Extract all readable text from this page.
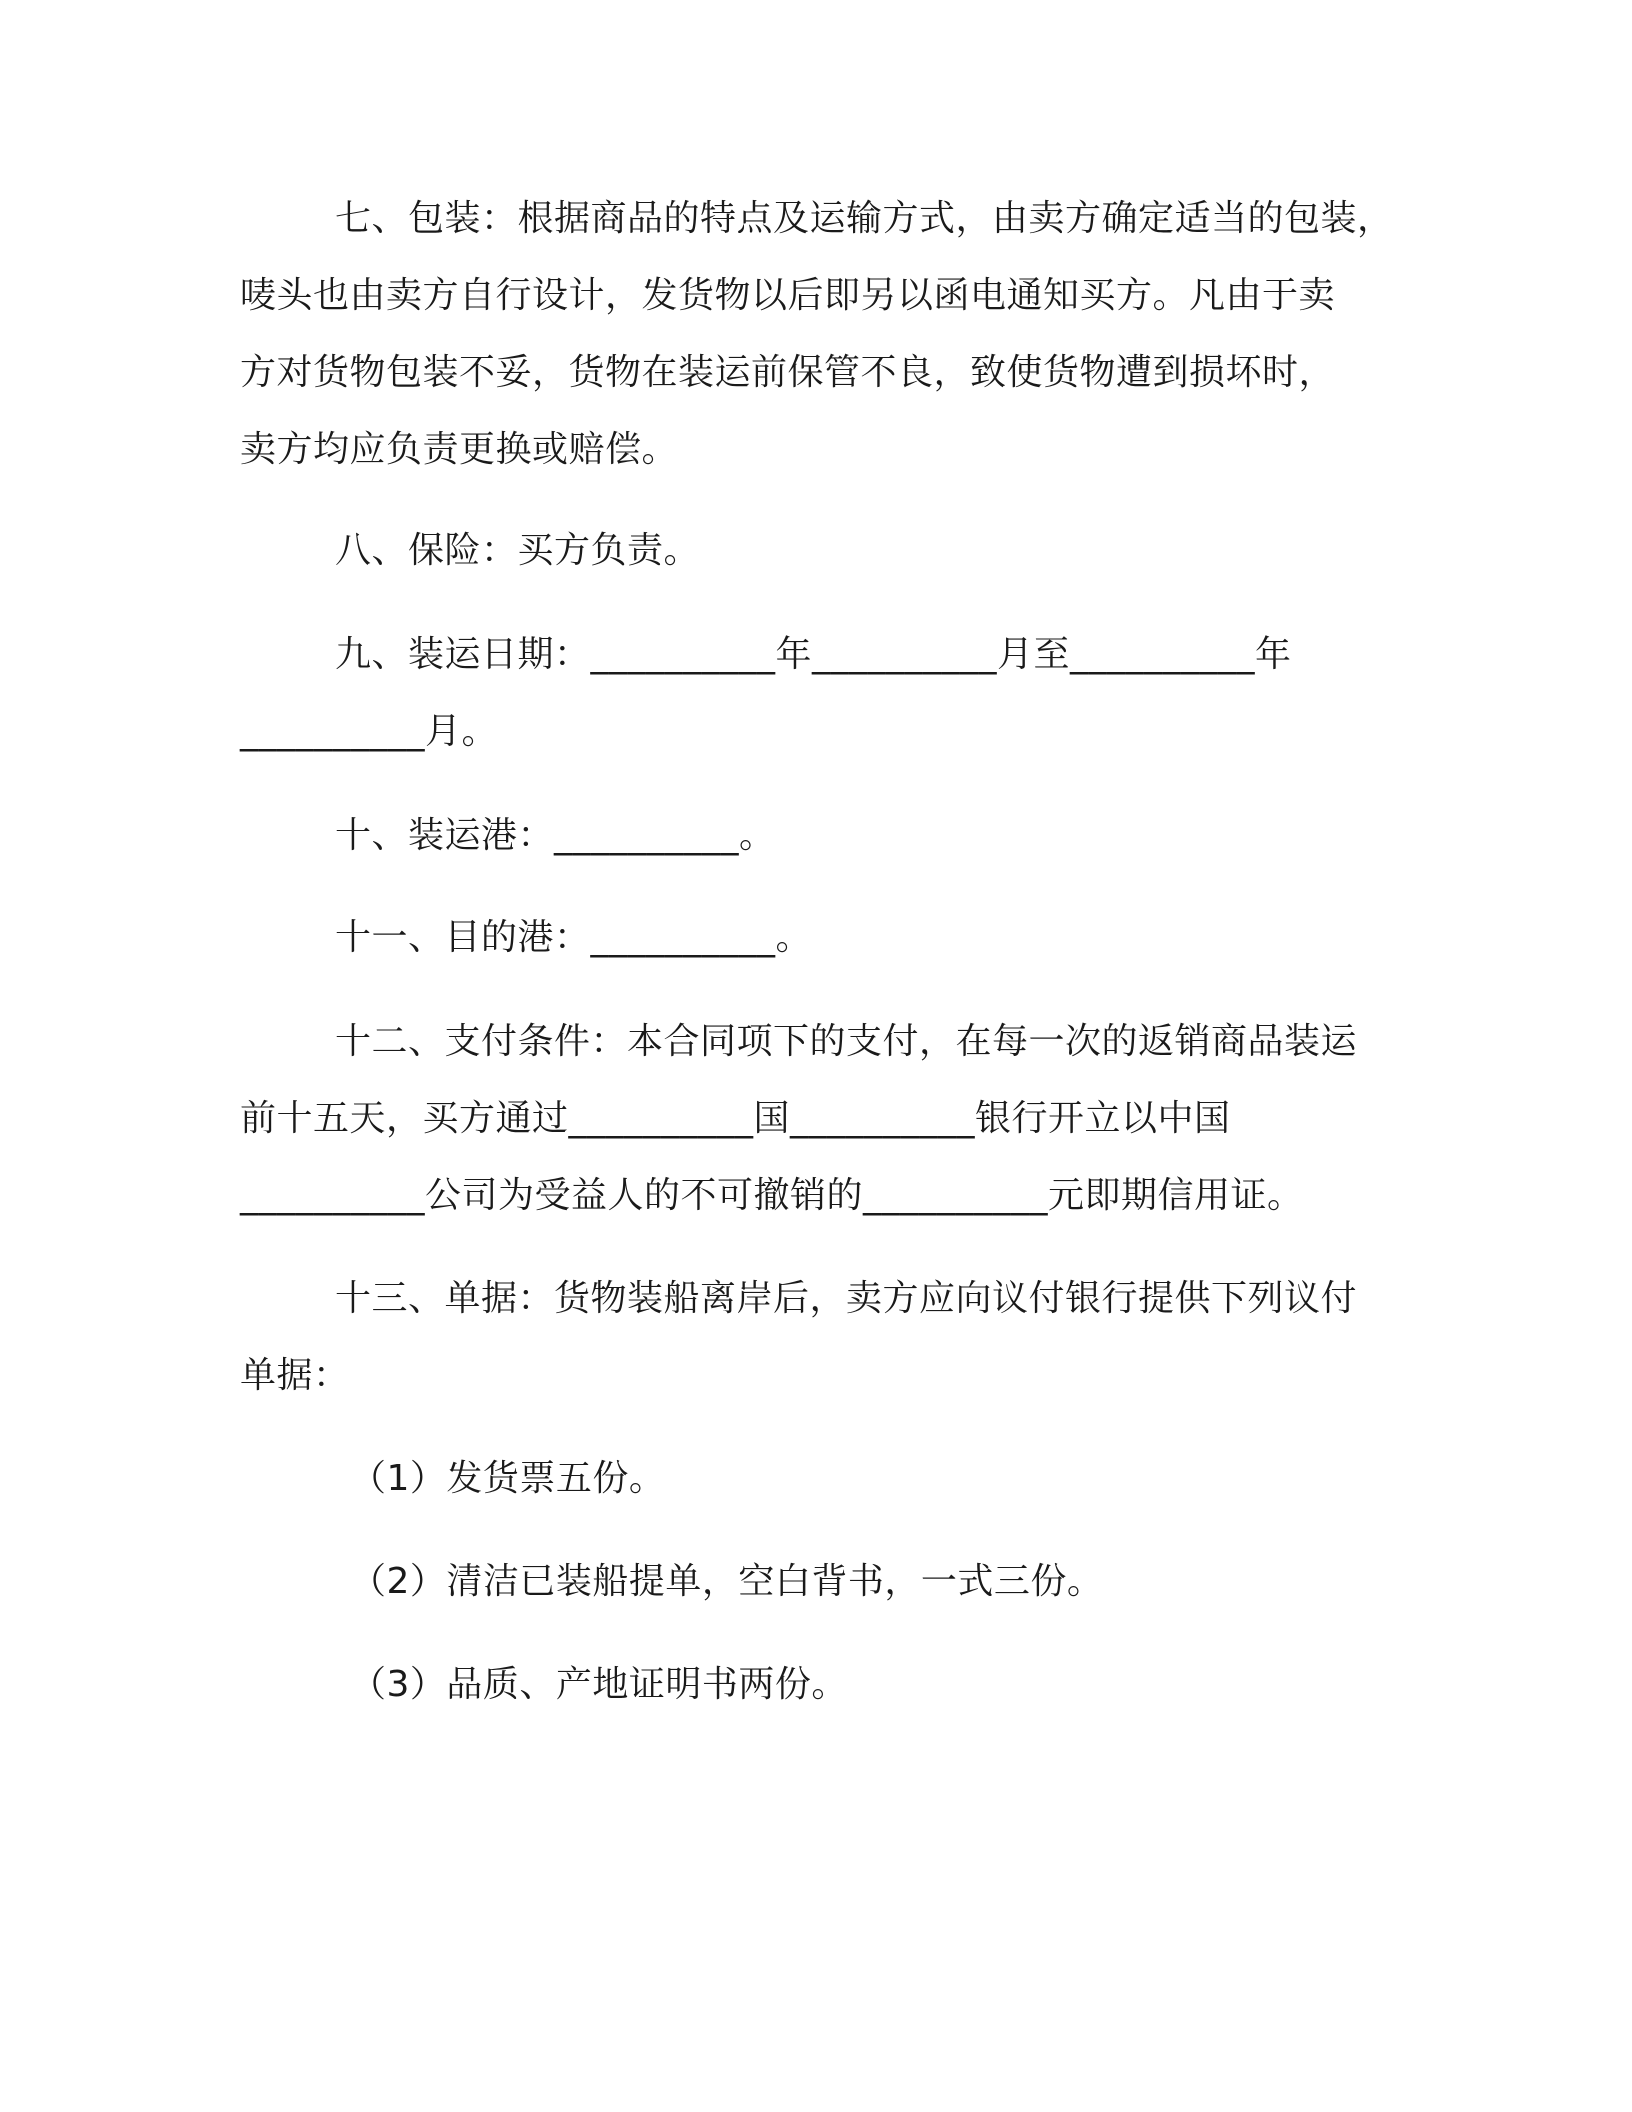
七、包装：根据商品的特点及运输方式，由卖方确定适当的包装，
唛头也由卖方自行设计，发货物以后即另以函电通知买方。凡由于卖
方对货物包装不妥，货物在装运前保管不良，致使货物遭到损坏时，
卖方均应负责更换或赔偿。
八、保险：买方负责。
九、装运日期：__________年__________月至__________年
__________月。
十、装运港：__________。
十一、目的港：__________。
十二、支付条件：本合同项下的支付，在每一次的返销商品装运
前十五天，买方通过__________国__________银行开立以中国
__________公司为受益人的不可撤销的__________元即期信用证。
十三、单据：货物装船离岸后，卖方应向议付银行提供下列议付
单据：
（1）发货票五份。
（2）清洁已装船提单，空白背书，一式三份。
（3）品质、产地证明书两份。
